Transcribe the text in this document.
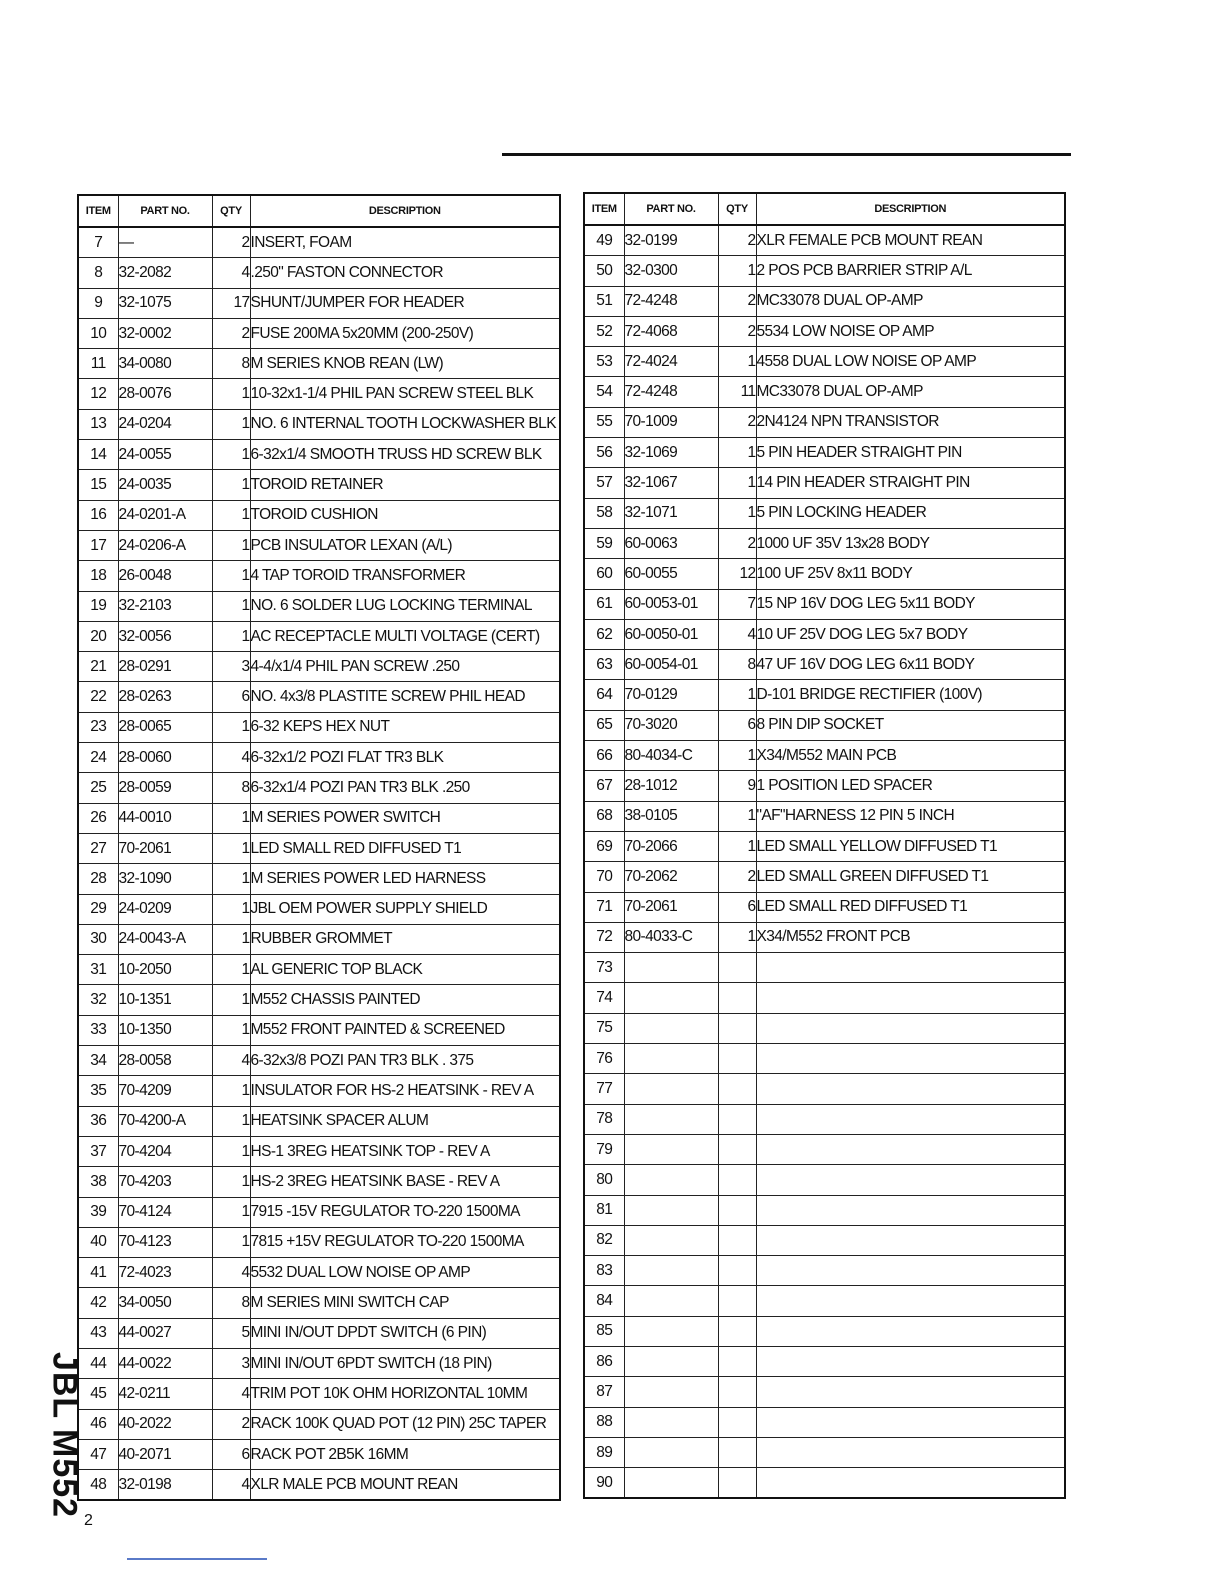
ITEM	PART NO.	QTY	DESCRIPTION
7	—	2	INSERT, FOAM
8	32-2082	4	.250" FASTON CONNECTOR
9	32-1075	17	SHUNT/JUMPER FOR HEADER
10	32-0002	2	FUSE 200MA 5x20MM (200-250V)
11	34-0080	8	M SERIES KNOB REAN (LW)
12	28-0076	1	10-32x1-1/4 PHIL PAN SCREW STEEL BLK
13	24-0204	1	NO. 6 INTERNAL TOOTH LOCKWASHER BLK
14	24-0055	1	6-32x1/4 SMOOTH TRUSS HD SCREW BLK
15	24-0035	1	TOROID RETAINER
16	24-0201-A	1	TOROID CUSHION
17	24-0206-A	1	PCB INSULATOR LEXAN (A/L)
18	26-0048	1	4 TAP TOROID TRANSFORMER
19	32-2103	1	NO. 6 SOLDER LUG LOCKING TERMINAL
20	32-0056	1	AC RECEPTACLE MULTI VOLTAGE (CERT)
21	28-0291	3	4-4/x1/4 PHIL PAN SCREW .250
22	28-0263	6	NO. 4x3/8 PLASTITE SCREW PHIL HEAD
23	28-0065	1	6-32 KEPS HEX NUT
24	28-0060	4	6-32x1/2 POZI FLAT TR3 BLK
25	28-0059	8	6-32x1/4 POZI PAN TR3 BLK .250
26	44-0010	1	M SERIES POWER SWITCH
27	70-2061	1	LED SMALL RED DIFFUSED T1
28	32-1090	1	M SERIES POWER LED HARNESS
29	24-0209	1	JBL OEM POWER SUPPLY SHIELD
30	24-0043-A	1	RUBBER GROMMET
31	10-2050	1	AL GENERIC TOP BLACK
32	10-1351	1	M552 CHASSIS PAINTED
33	10-1350	1	M552 FRONT PAINTED & SCREENED
34	28-0058	4	6-32x3/8 POZI PAN TR3 BLK . 375
35	70-4209	1	INSULATOR FOR HS-2 HEATSINK - REV A
36	70-4200-A	1	HEATSINK SPACER ALUM
37	70-4204	1	HS-1 3REG HEATSINK TOP - REV A
38	70-4203	1	HS-2 3REG HEATSINK BASE - REV A
39	70-4124	1	7915 -15V REGULATOR TO-220 1500MA
40	70-4123	1	7815 +15V REGULATOR TO-220 1500MA
41	72-4023	4	5532 DUAL LOW NOISE OP AMP
42	34-0050	8	M SERIES MINI SWITCH CAP
43	44-0027	5	MINI IN/OUT DPDT SWITCH (6 PIN)
44	44-0022	3	MINI IN/OUT 6PDT SWITCH (18 PIN)
45	42-0211	4	TRIM POT 10K OHM HORIZONTAL 10MM
46	40-2022	2	RACK 100K QUAD POT (12 PIN) 25C TAPER
47	40-2071	6	RACK POT 2B5K 16MM
48	32-0198	4	XLR MALE PCB MOUNT REAN
ITEM	PART NO.	QTY	DESCRIPTION
49	32-0199	2	XLR FEMALE PCB MOUNT REAN
50	32-0300	1	2 POS PCB BARRIER STRIP A/L
51	72-4248	2	MC33078 DUAL OP-AMP
52	72-4068	2	5534 LOW NOISE OP AMP
53	72-4024	1	4558 DUAL LOW NOISE OP AMP
54	72-4248	11	MC33078 DUAL OP-AMP
55	70-1009	2	2N4124 NPN TRANSISTOR
56	32-1069	1	5 PIN HEADER STRAIGHT PIN
57	32-1067	1	14 PIN HEADER STRAIGHT PIN
58	32-1071	1	5 PIN LOCKING HEADER
59	60-0063	2	1000 UF 35V 13x28 BODY
60	60-0055	12	100 UF 25V 8x11 BODY
61	60-0053-01	7	15 NP 16V DOG LEG 5x11 BODY
62	60-0050-01	4	10 UF 25V DOG LEG 5x7 BODY
63	60-0054-01	8	47 UF 16V DOG LEG 6x11 BODY
64	70-0129	1	D-101 BRIDGE RECTIFIER (100V)
65	70-3020	6	8 PIN DIP SOCKET
66	80-4034-C	1	X34/M552 MAIN PCB
67	28-1012	9	1 POSITION LED SPACER
68	38-0105	1	"AF"HARNESS 12 PIN 5 INCH
69	70-2066	1	LED SMALL YELLOW DIFFUSED T1
70	70-2062	2	LED SMALL GREEN DIFFUSED T1
71	70-2061	6	LED SMALL RED DIFFUSED T1
72	80-4033-C	1	X34/M552 FRONT PCB
73			
74			
75			
76			
77			
78			
79			
80			
81			
82			
83			
84			
85			
86			
87			
88			
89			
90			
JBL M552
2
